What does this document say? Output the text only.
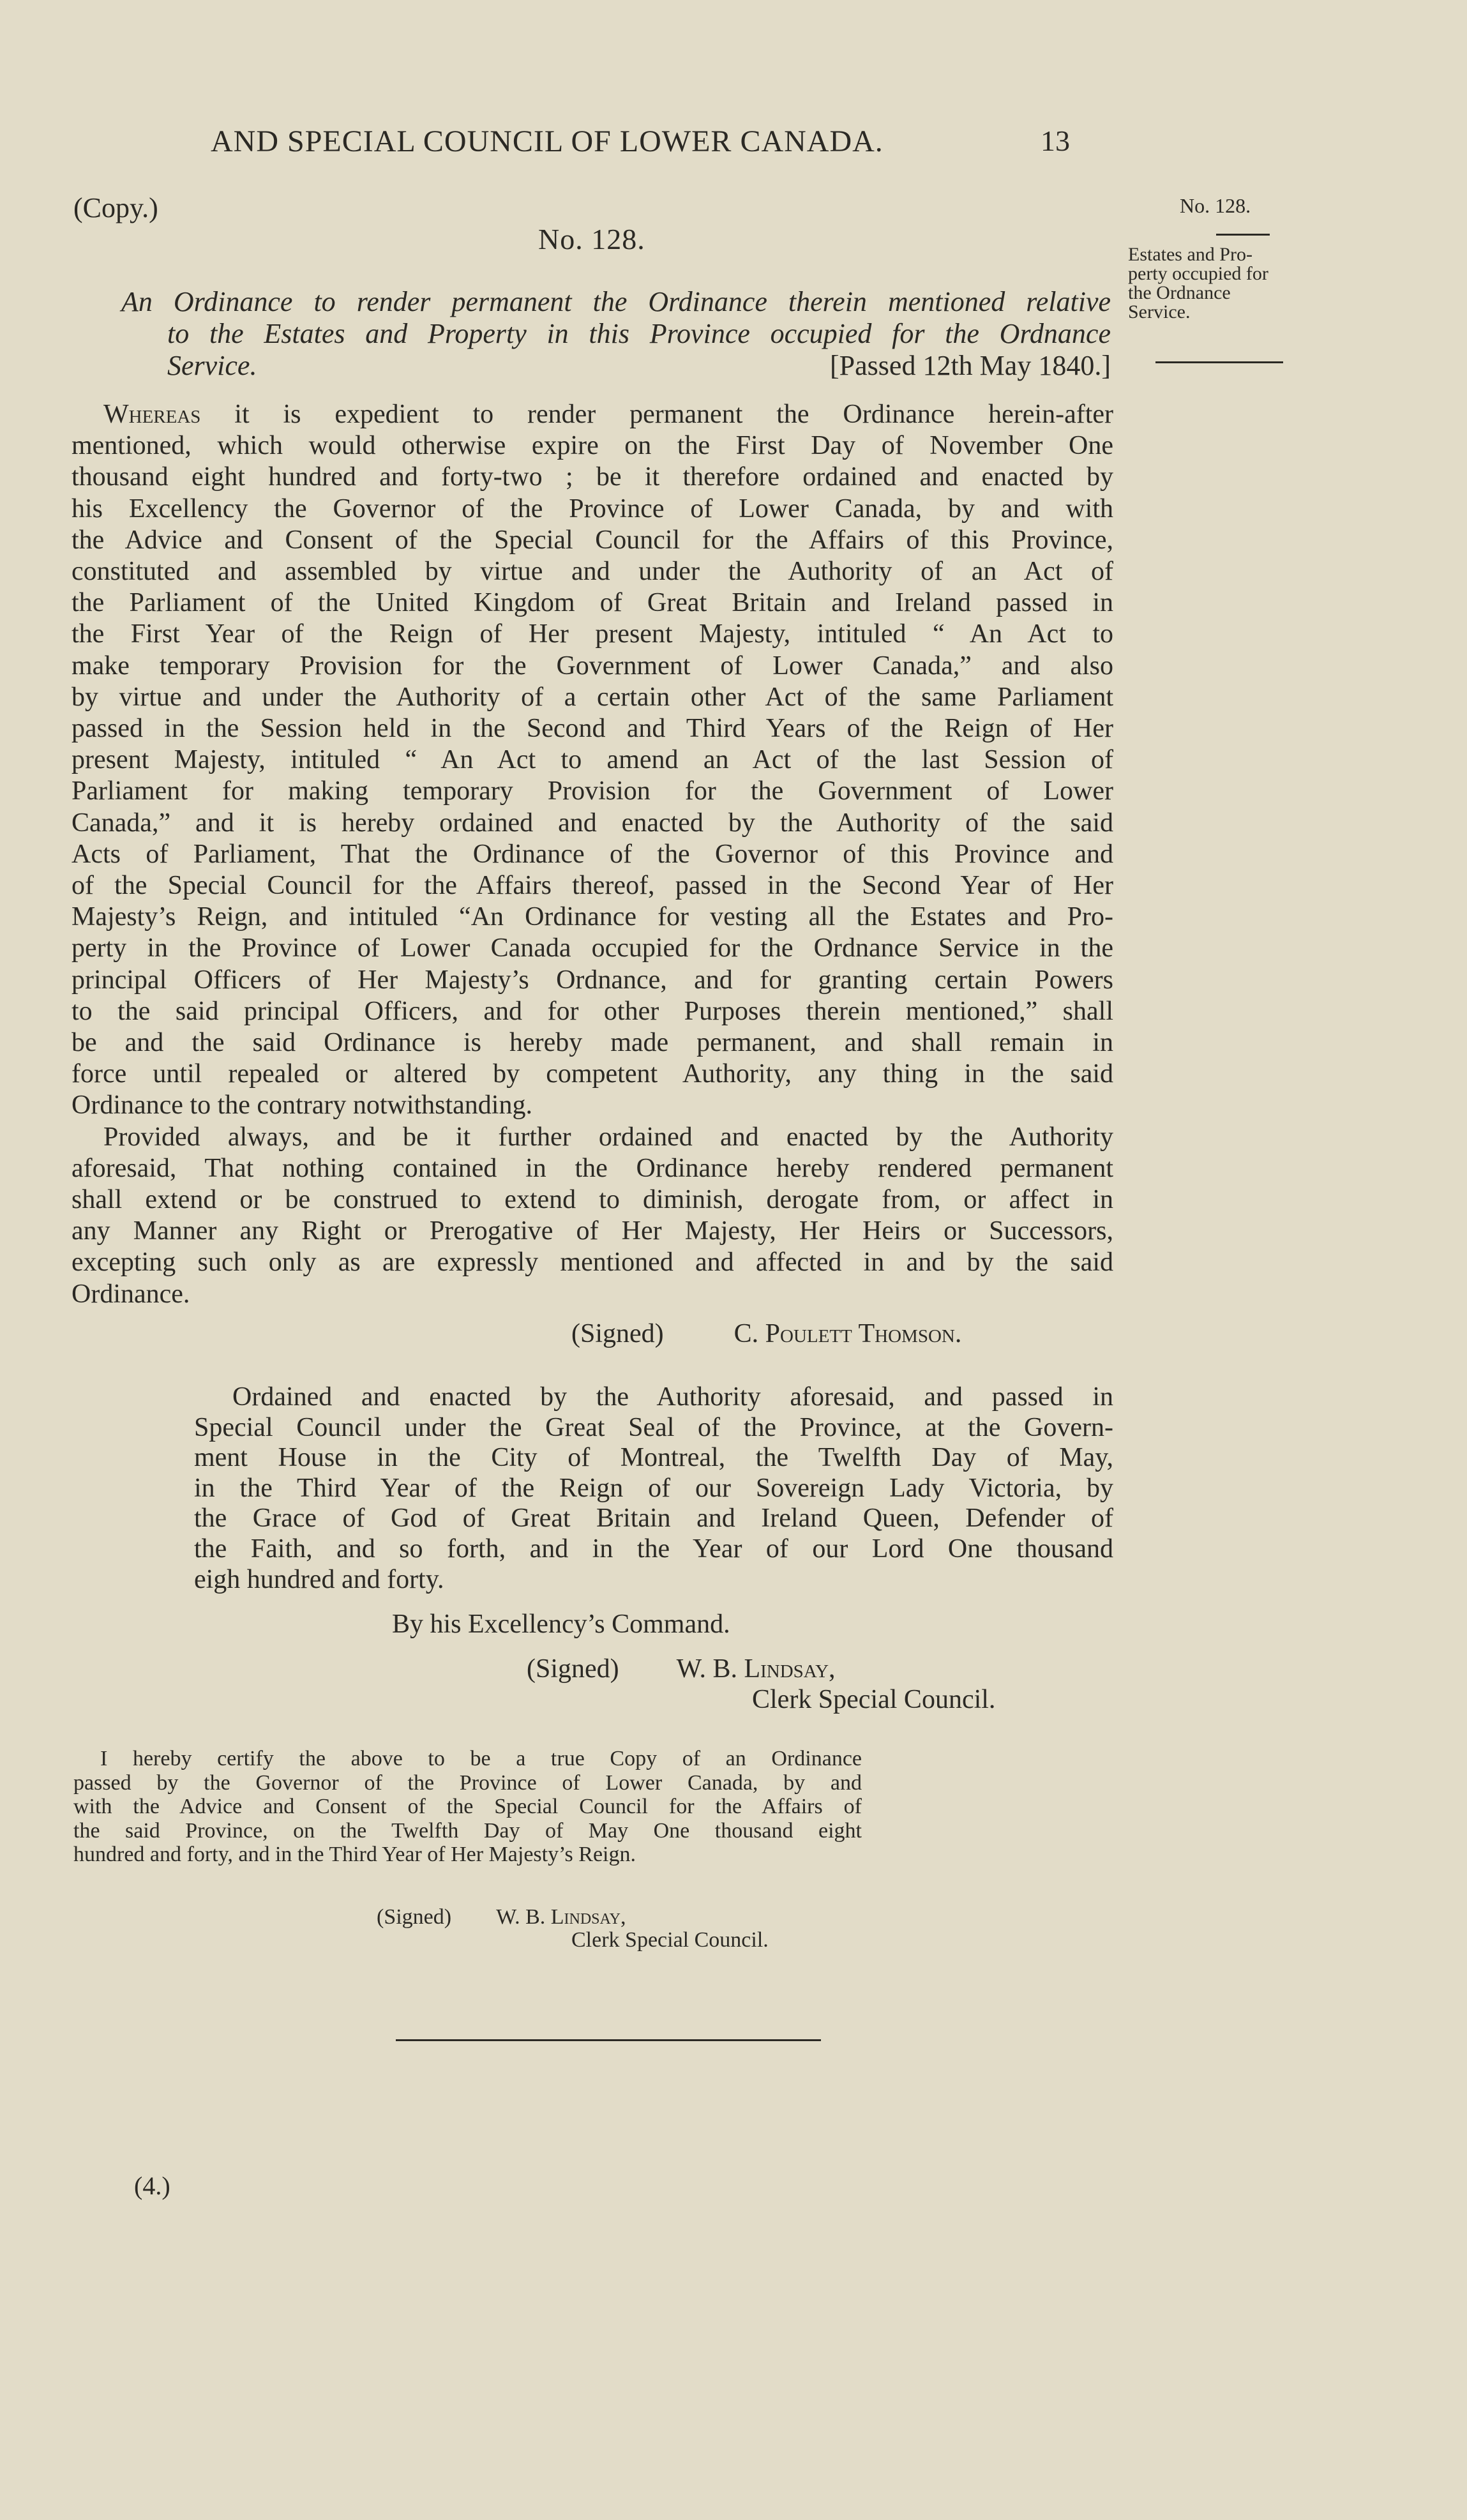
AND SPECIAL COUNCIL OF LOWER CANADA.	13
(Copy.)
No. 128.
An Ordinance to render permanent the Ordinance therein mentioned relative
to the Estates and Property in this Province occupied for the Ordnance
Service.	[Passed 12th May 1840.]
Whereas it is expedient to render permanent the Ordinance herein-after
mentioned, which would otherwise expire on the First Day of November One
thousand eight hundred and forty-two ; be it therefore ordained and enacted by
his Excellency the Governor of the Province of Lower Canada, by and with
the Advice and Consent of the Special Council for the Affairs of this Province,
constituted and assembled by virtue and under the Authority of an Act of
the Parliament of the United Kingdom of Great Britain and Ireland passed in
the First Year of the Reign of Her present Majesty, intituled “ An Act to
make temporary Provision for the Government of Lower Canada,” and also
by virtue and under the Authority of a certain other Act of the same Parliament
passed in the Session held in the Second and Third Years of the Reign of Her
present Majesty, intituled “ An Act to amend an Act of the last Session of
Parliament for making temporary Provision for the Government of Lower
Canada,” and it is hereby ordained and enacted by the Authority of the said
Acts of Parliament, That the Ordinance of the Governor of this Province and
of the Special Council for the Affairs thereof, passed in the Second Year of Her
Majesty’s Reign, and intituled “An Ordinance for vesting all the Estates and Pro-
perty in the Province of Lower Canada occupied for the Ordnance Service in the
principal Officers of Her Majesty’s Ordnance, and for granting certain Powers
to the said principal Officers, and for other Purposes therein mentioned,” shall
be and the said Ordinance is hereby made permanent, and shall remain in
force until repealed or altered by competent Authority, any thing in the said
Ordinance to the contrary notwithstanding.
Provided always, and be it further ordained and enacted by the Authority
aforesaid, That nothing contained in the Ordinance hereby rendered permanent
shall extend or be construed to extend to diminish, derogate from, or affect in
any Manner any Right or Prerogative of Her Majesty, Her Heirs or Successors,
excepting such only as are expressly mentioned and affected in and by the said
Ordinance.
(Signed)	C. Poulett Thomson.
Ordained and enacted by the Authority aforesaid, and passed in
Special Council under the Great Seal of the Province, at the Govern-
ment House in the City of Montreal, the Twelfth Day of May,
in the Third Year of the Reign of our Sovereign Lady Victoria, by
the Grace of God of Great Britain and Ireland Queen, Defender of
the Faith, and so forth, and in the Year of our Lord One thousand
eigh hundred and forty.
By his Excellency’s Command.
(Signed) W. B. Lindsay,
Clerk Special Council.
I hereby certify the above to be a true Copy of an Ordinance
passed by the Governor of the Province of Lower Canada, by and
with the Advice and Consent of the Special Council for the Affairs of
the said Province, on the Twelfth Day of May One thousand eight
hundred and forty, and in the Third Year of Her Majesty’s Reign.
(Signed) W. B. Lindsay,
Clerk Special Council.
(4.)
No. 128.
Estates and Pro-
perty occupied for
the Ordnance
Service.
